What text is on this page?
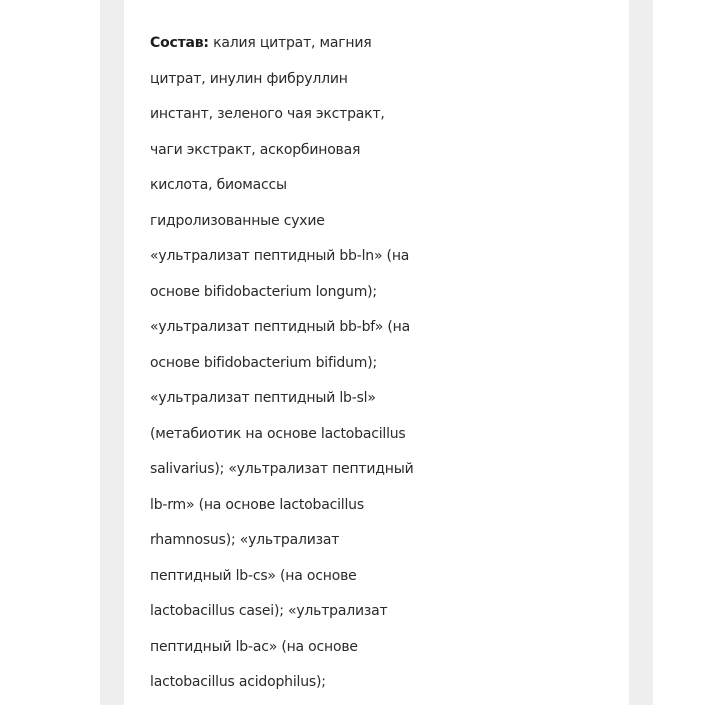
Состав: калия цитрат, магния
цитрат, инулин фибруллин
инстант, зеленого чая экстракт,
чаги экстракт, аскорбиновая
кислота, биомассы
гидролизованные сухие
«ультрализат пептидный bb-ln» (на
основе bifidobacterium longum);
«ультрализат пептидный bb-bf» (на
основе bifidobacterium bifidum);
«ультрализат пептидный lb-sl»
(метабиотик на основе lactobacillus
salivarius); «ультрализат пептидный
lb-rm» (на основе lactobacillus
rhamnosus); «ультрализат
пептидный lb-cs» (на основе
lactobacillus casei); «ультрализат
пептидный lb-ac» (на основе
lactobacillus acidophilus);
